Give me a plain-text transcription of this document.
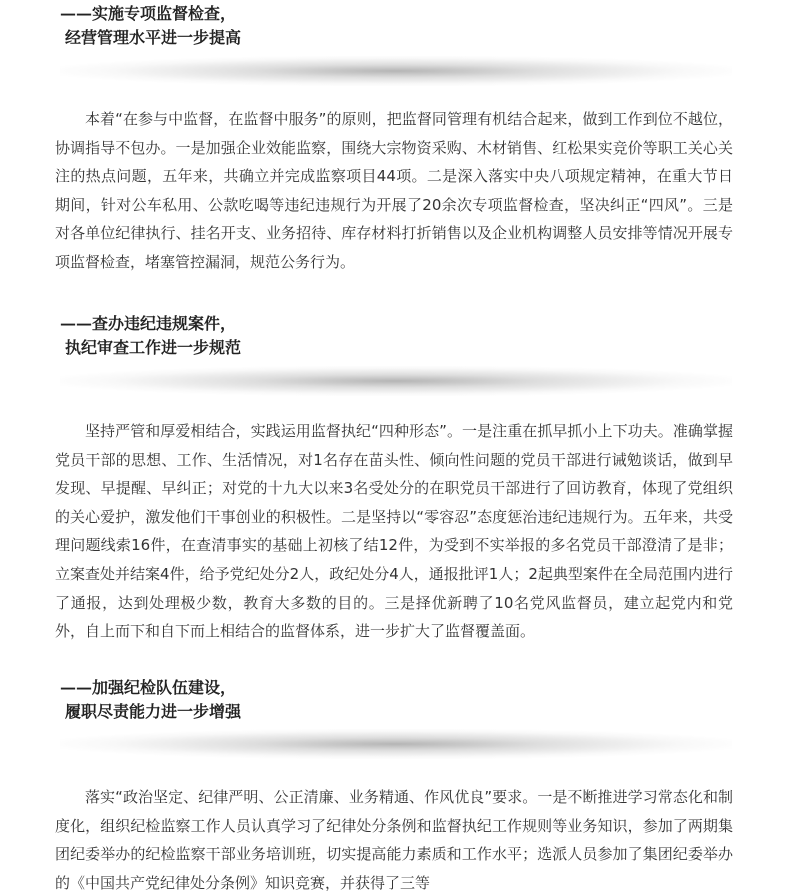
——实施专项监督检查，
经营管理水平进一步提高

本着“在参与中监督，在监督中服务”的原则，把监督同管理有机结合起来，做到工作到位不越位，协调指导不包办。一是加强企业效能监察，围绕大宗物资采购、木材销售、红松果实竞价等职工关心关注的热点问题，五年来，共确立并完成监察项目44项。二是深入落实中央八项规定精神，在重大节日期间，针对公车私用、公款吃喝等违纪违规行为开展了20余次专项监督检查，坚决纠正“四风”。三是对各单位纪律执行、挂名开支、业务招待、库存材料打折销售以及企业机构调整人员安排等情况开展专项监督检查，堵塞管控漏洞，规范公务行为。

——查办违纪违规案件，
执纪审查工作进一步规范

坚持严管和厚爱相结合，实践运用监督执纪“四种形态”。一是注重在抓早抓小上下功夫。准确掌握党员干部的思想、工作、生活情况，对1名存在苗头性、倾向性问题的党员干部进行诫勉谈话，做到早发现、早提醒、早纠正；对党的十九大以来3名受处分的在职党员干部进行了回访教育，体现了党组织的关心爱护，激发他们干事创业的积极性。二是坚持以“零容忍”态度惩治违纪违规行为。五年来，共受理问题线索16件，在查清事实的基础上初核了结12件，为受到不实举报的多名党员干部澄清了是非；立案查处并结案4件，给予党纪处分2人，政纪处分4人，通报批评1人；2起典型案件在全局范围内进行了通报，达到处理极少数，教育大多数的目的。三是择优新聘了10名党风监督员，建立起党内和党外，自上而下和自下而上相结合的监督体系，进一步扩大了监督覆盖面。

——加强纪检队伍建设，
履职尽责能力进一步增强

落实“政治坚定、纪律严明、公正清廉、业务精通、作风优良”要求。一是不断推进学习常态化和制度化，组织纪检监察工作人员认真学习了纪律处分条例和监督执纪工作规则等业务知识，参加了两期集团纪委举办的纪检监察干部业务培训班，切实提高能力素质和工作水平；选派人员参加了集团纪委举办的《中国共产党纪律处分条例》知识竞赛，并获得了三等
